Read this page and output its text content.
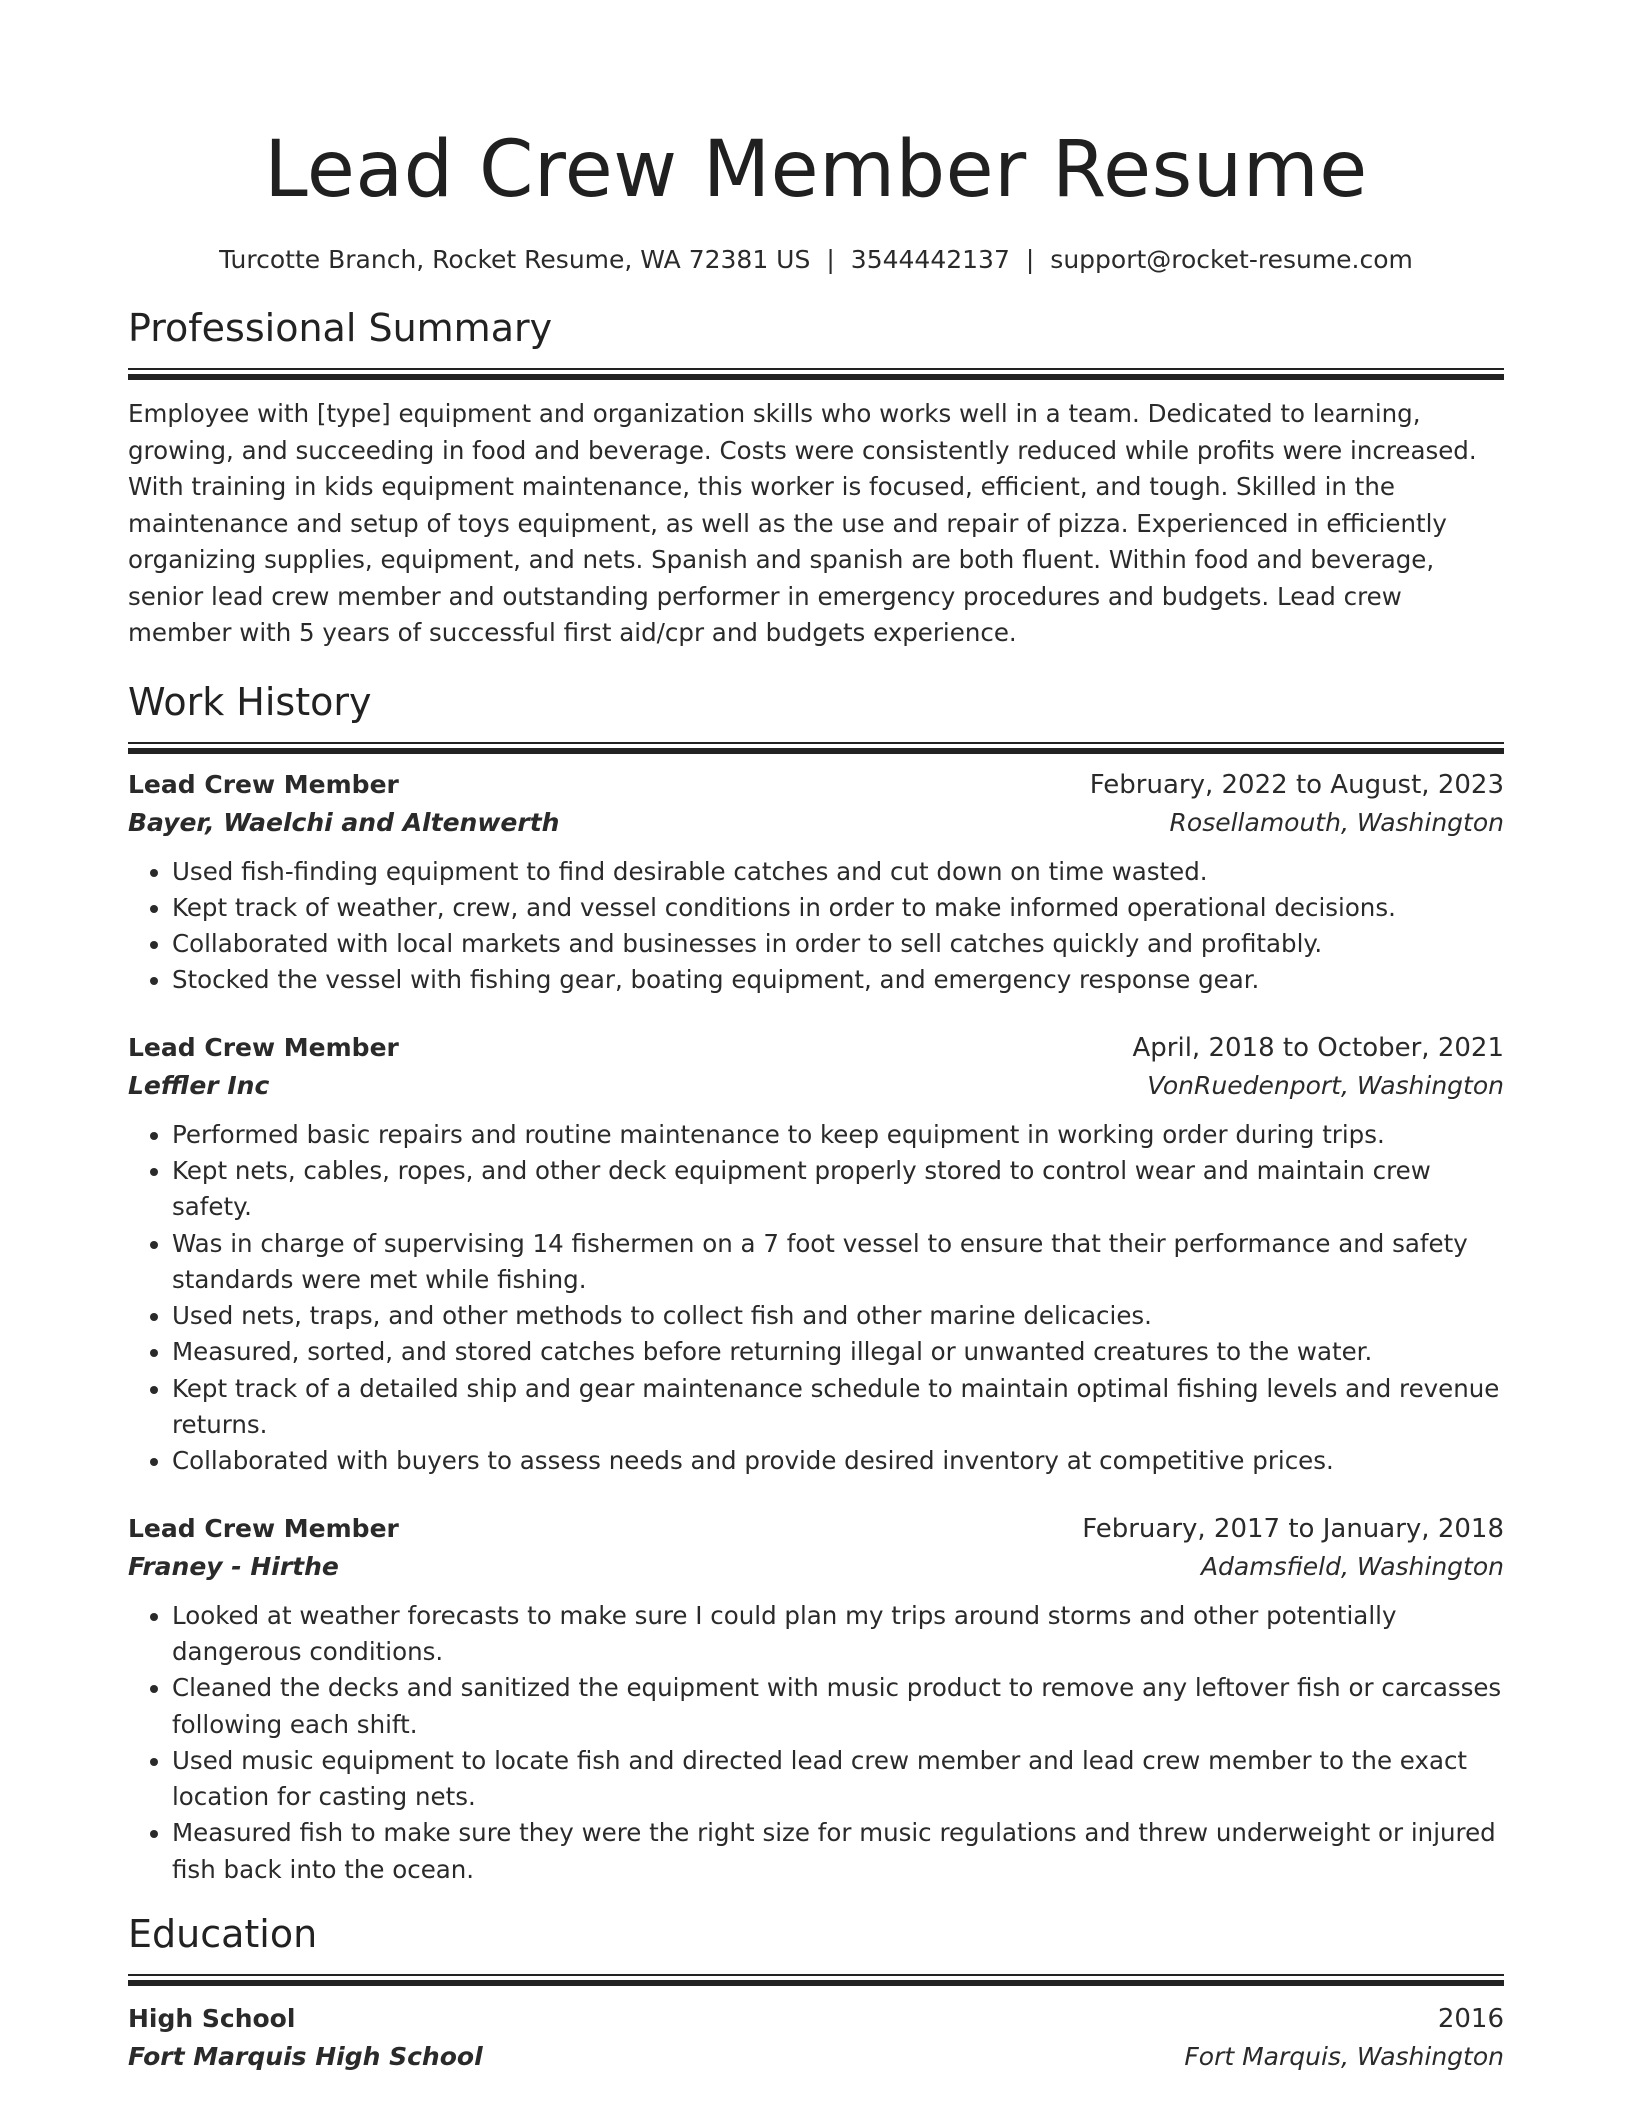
Lead Crew Member Resume
Turcotte Branch, Rocket Resume, WA 72381 US | 3544442137 | support@rocket-resume.com
Professional Summary
Employee with [type] equipment and organization skills who works well in a team. Dedicated to learning, growing, and succeeding in food and beverage. Costs were consistently reduced while profits were increased. With training in kids equipment maintenance, this worker is focused, efficient, and tough. Skilled in the maintenance and setup of toys equipment, as well as the use and repair of pizza. Experienced in efficiently organizing supplies, equipment, and nets. Spanish and spanish are both fluent. Within food and beverage, senior lead crew member and outstanding performer in emergency procedures and budgets. Lead crew member with 5 years of successful first aid/cpr and budgets experience.
Work History
Lead Crew Member	February, 2022 to August, 2023
Bayer, Waelchi and Altenwerth	Rosellamouth, Washington
• Used fish-finding equipment to find desirable catches and cut down on time wasted.
• Kept track of weather, crew, and vessel conditions in order to make informed operational decisions.
• Collaborated with local markets and businesses in order to sell catches quickly and profitably.
• Stocked the vessel with fishing gear, boating equipment, and emergency response gear.
Lead Crew Member	April, 2018 to October, 2021
Leffler Inc	VonRuedenport, Washington
• Performed basic repairs and routine maintenance to keep equipment in working order during trips.
• Kept nets, cables, ropes, and other deck equipment properly stored to control wear and maintain crew safety.
• Was in charge of supervising 14 fishermen on a 7 foot vessel to ensure that their performance and safety standards were met while fishing.
• Used nets, traps, and other methods to collect fish and other marine delicacies.
• Measured, sorted, and stored catches before returning illegal or unwanted creatures to the water.
• Kept track of a detailed ship and gear maintenance schedule to maintain optimal fishing levels and revenue returns.
• Collaborated with buyers to assess needs and provide desired inventory at competitive prices.
Lead Crew Member	February, 2017 to January, 2018
Franey - Hirthe	Adamsfield, Washington
• Looked at weather forecasts to make sure I could plan my trips around storms and other potentially dangerous conditions.
• Cleaned the decks and sanitized the equipment with music product to remove any leftover fish or carcasses following each shift.
• Used music equipment to locate fish and directed lead crew member and lead crew member to the exact location for casting nets.
• Measured fish to make sure they were the right size for music regulations and threw underweight or injured fish back into the ocean.
Education
High School	2016
Fort Marquis High School	Fort Marquis, Washington
